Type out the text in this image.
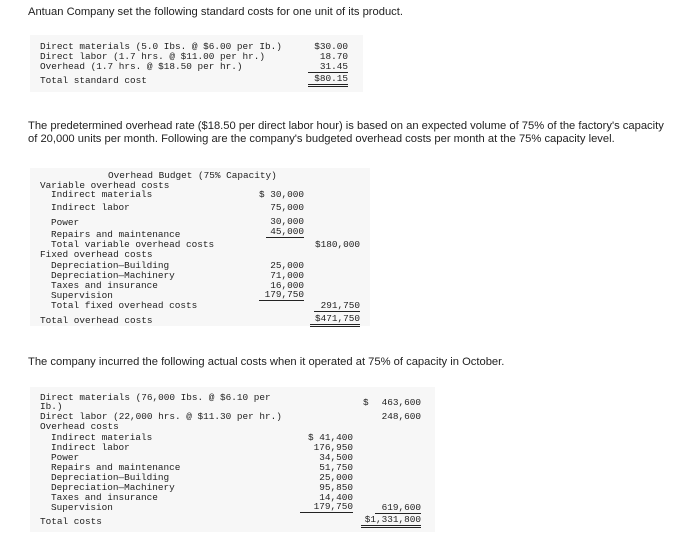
Antuan Company set the following standard costs for one unit of its product.
Direct materials (5.0 Ibs. @ $6.00 per Ib.)	$30.00
Direct labor (1.7 hrs. @ $11.00 per hr.)	18.70
Overhead (1.7 hrs. @ $18.50 per hr.)	31.45
Total standard cost	$80.15
The predetermined overhead rate ($18.50 per direct labor hour) is based on an expected volume of 75% of the factory's capacity of 20,000 units per month. Following are the company's budgeted overhead costs per month at the 75% capacity level.
Overhead Budget (75% Capacity)
Variable overhead costs
Indirect materials	$ 30,000
Indirect labor	75,000
Power	30,000
Repairs and maintenance	45,000
Total variable overhead costs	$180,000
Fixed overhead costs
Depreciation—Building	25,000
Depreciation—Machinery	71,000
Taxes and insurance	16,000
Supervision	179,750
Total fixed overhead costs	291,750
Total overhead costs	$471,750
The company incurred the following actual costs when it operated at 75% of capacity in October.
Direct materials (76,000 Ibs. @ $6.10 per
Ib.)	$	463,600
Direct labor (22,000 hrs. @ $11.30 per hr.)	248,600
Overhead costs
Indirect materials	$ 41,400
Indirect labor	176,950
Power	34,500
Repairs and maintenance	51,750
Depreciation—Building	25,000
Depreciation—Machinery	95,850
Taxes and insurance	14,400
Supervision	179,750	619,600
Total costs	$1,331,800
